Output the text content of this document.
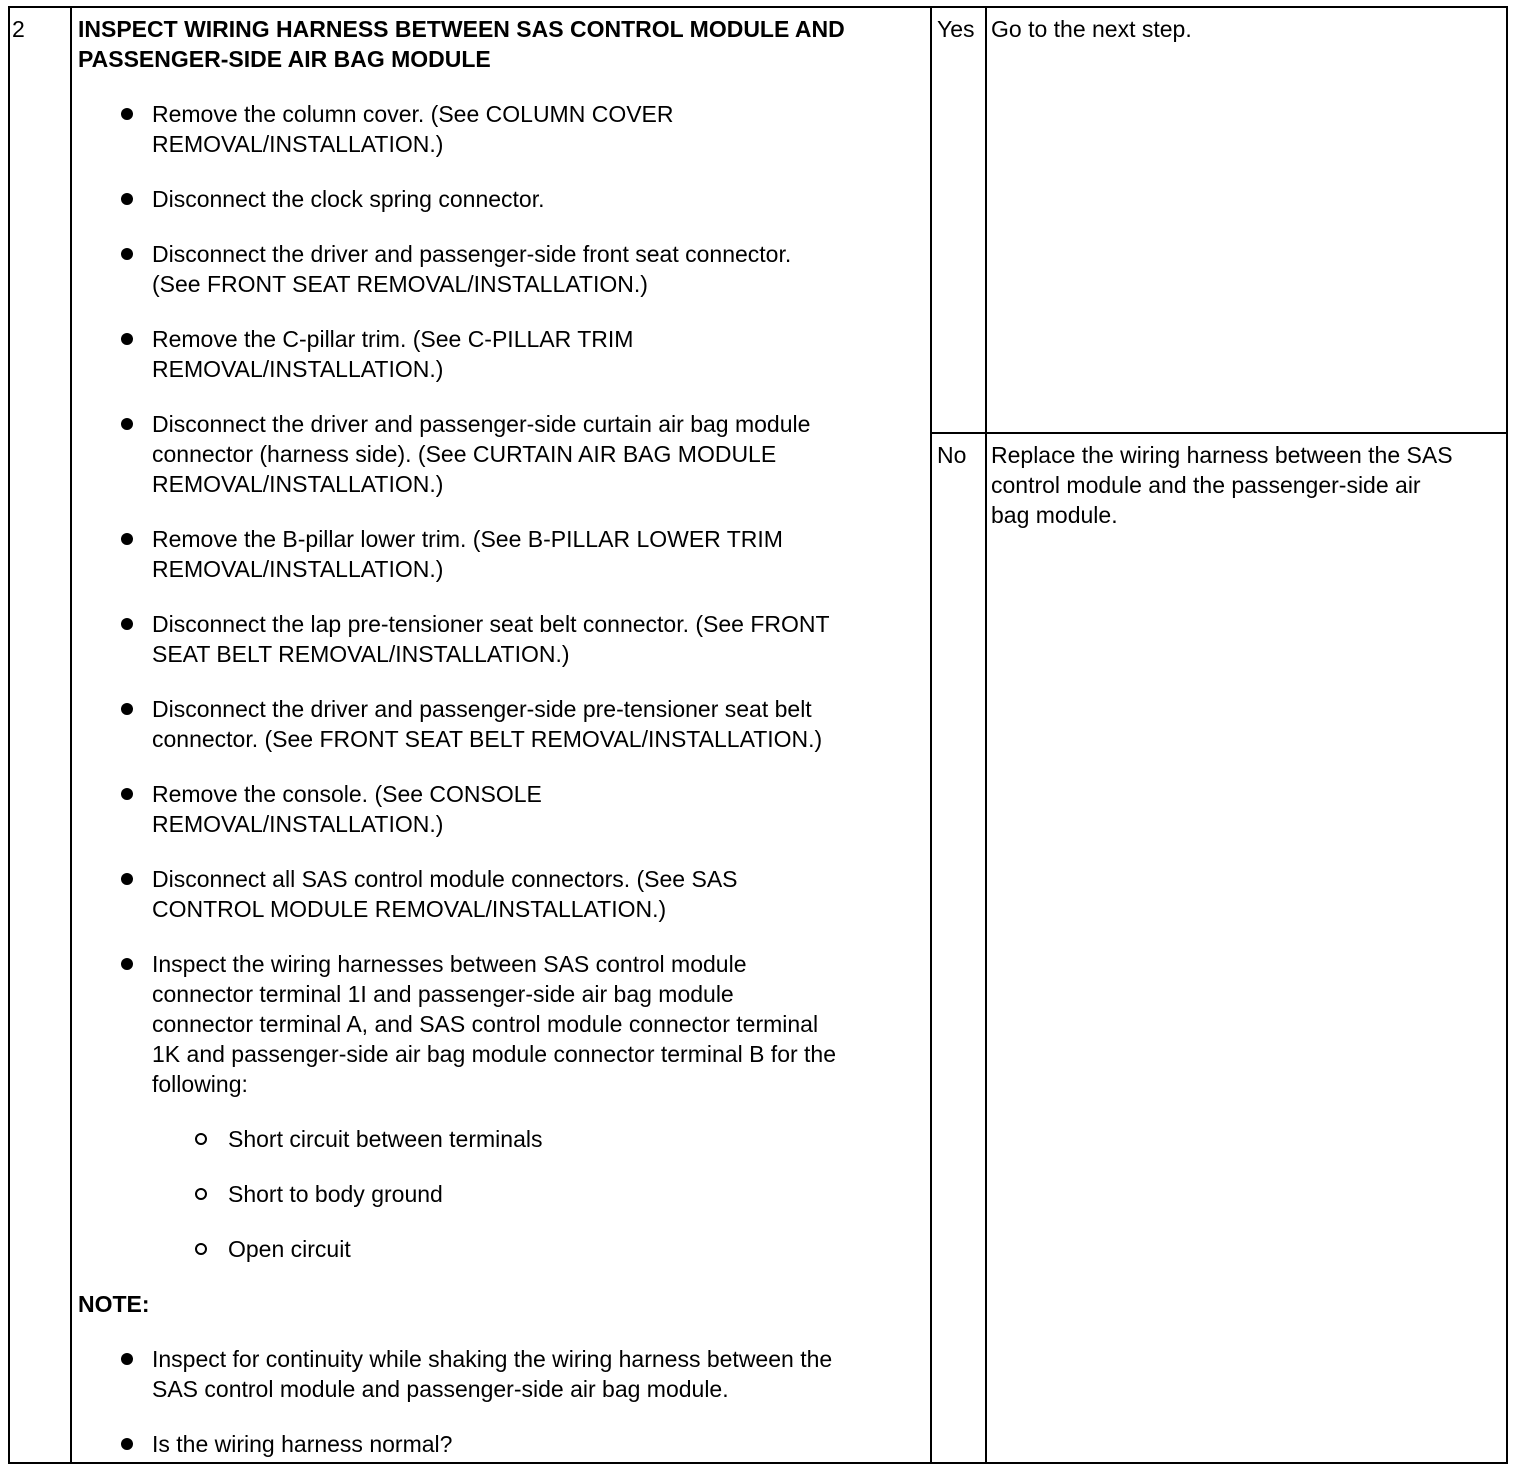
2 INSPECT WIRING HARNESS BETWEEN SAS CONTROL MODULE AND
PASSENGER-SIDE AIR BAG MODULE
Remove the column cover. (See COLUMN COVER
REMOVAL/INSTALLATION.)
Disconnect the clock spring connector.
Disconnect the driver and passenger-side front seat connector.
(See FRONT SEAT REMOVAL/INSTALLATION.)
Remove the C-pillar trim. (See C-PILLAR TRIM
REMOVAL/INSTALLATION.)
Disconnect the driver and passenger-side curtain air bag module
connector (harness side). (See CURTAIN AIR BAG MODULE
REMOVAL/INSTALLATION.)
Remove the B-pillar lower trim. (See B-PILLAR LOWER TRIM
REMOVAL/INSTALLATION.)
Disconnect the lap pre-tensioner seat belt connector. (See FRONT
SEAT BELT REMOVAL/INSTALLATION.)
Disconnect the driver and passenger-side pre-tensioner seat belt
connector. (See FRONT SEAT BELT REMOVAL/INSTALLATION.)
Remove the console. (See CONSOLE
REMOVAL/INSTALLATION.)
Disconnect all SAS control module connectors. (See SAS
CONTROL MODULE REMOVAL/INSTALLATION.)
Inspect the wiring harnesses between SAS control module
connector terminal 1I and passenger-side air bag module
connector terminal A, and SAS control module connector terminal
1K and passenger-side air bag module connector terminal B for the
following:
Short circuit between terminals
Short to body ground
Open circuit
NOTE:
Inspect for continuity while shaking the wiring harness between the
SAS control module and passenger-side air bag module.
Is the wiring harness normal?
Yes Go to the next step.
No Replace the wiring harness between the SAS
control module and the passenger-side air
bag module.
